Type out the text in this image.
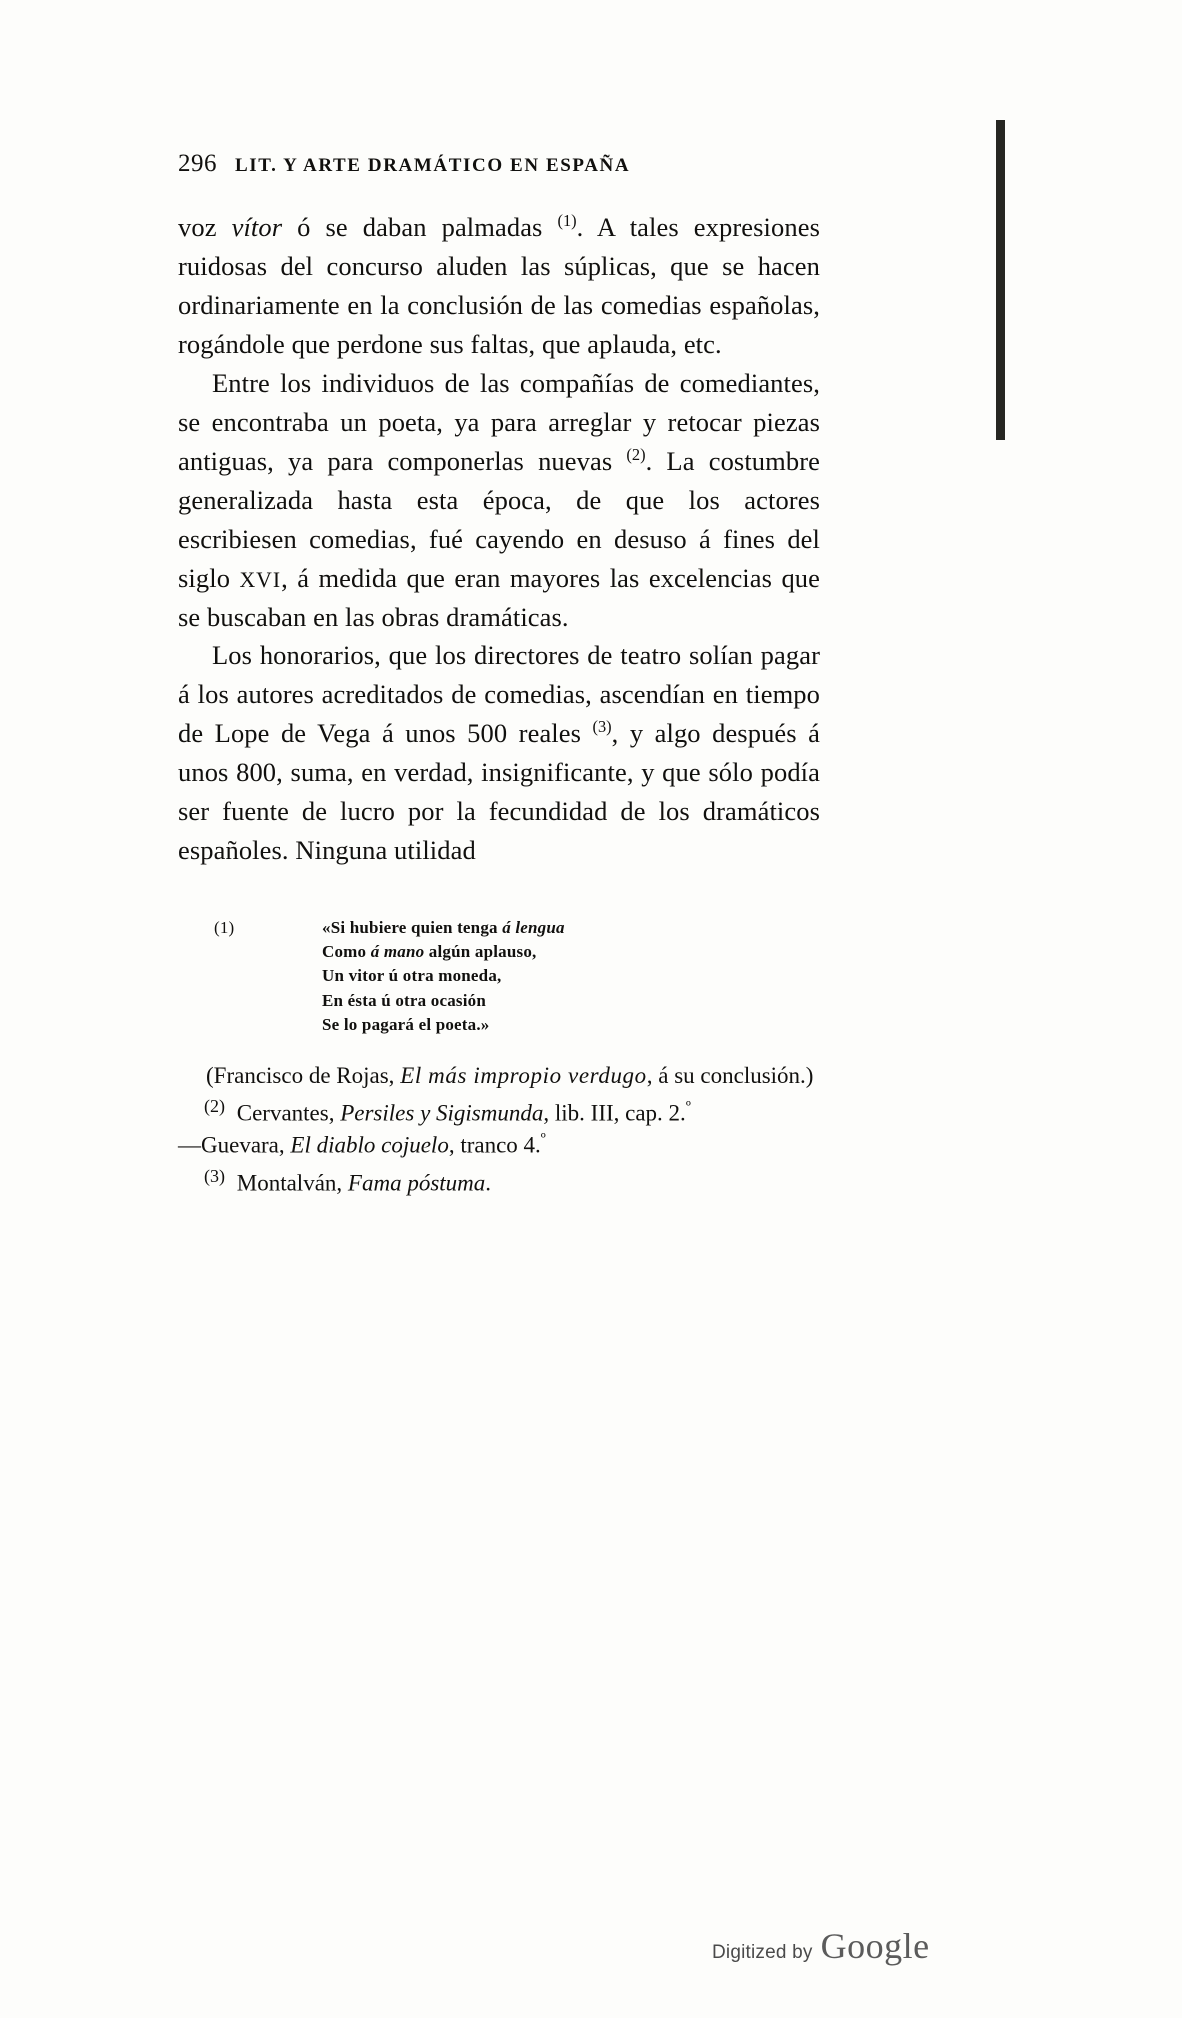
296 LIT. Y ARTE DRAMÁTICO EN ESPAÑA

voz vítor ó se daban palmadas $^{(1)}$. A tales expresiones ruidosas del concurso aluden las súplicas, que se hacen ordinariamente en la conclusión de las comedias españolas, rogándole que perdone sus faltas, que aplauda, etc.

Entre los individuos de las compañías de comediantes, se encontraba un poeta, ya para arreglar y retocar piezas antiguas, ya para componerlas nuevas $^{(2)}$. La costumbre generalizada hasta esta época, de que los actores escribiesen comedias, fué cayendo en desuso á fines del siglo XVI, á medida que eran mayores las excelencias que se buscaban en las obras dramáticas.

Los honorarios, que los directores de teatro solían pagar á los autores acreditados de comedias, ascendían en tiempo de Lope de Vega á unos 500 reales $^{(3)}$, y algo después á unos 800, suma, en verdad, insignificante, y que sólo podía ser fuente de lucro por la fecundidad de los dramáticos españoles. Ninguna utilidad

(1)	«Si hubiere quien tenga á lengua
Como á mano algún aplauso,
Un vitor ú otra moneda,
En ésta ú otra ocasión
Se lo pagará el poeta.»
(Francisco de Rojas, El más impropio verdugo, á su conclusión.)
$^{(2)}$ Cervantes, Persiles y Sigismunda, lib. III, cap. 2.$^º$
—Guevara, El diablo cojuelo, tranco 4.$^º$
$^{(3)}$ Montalván, Fama póstuma.
Digitized by Google
